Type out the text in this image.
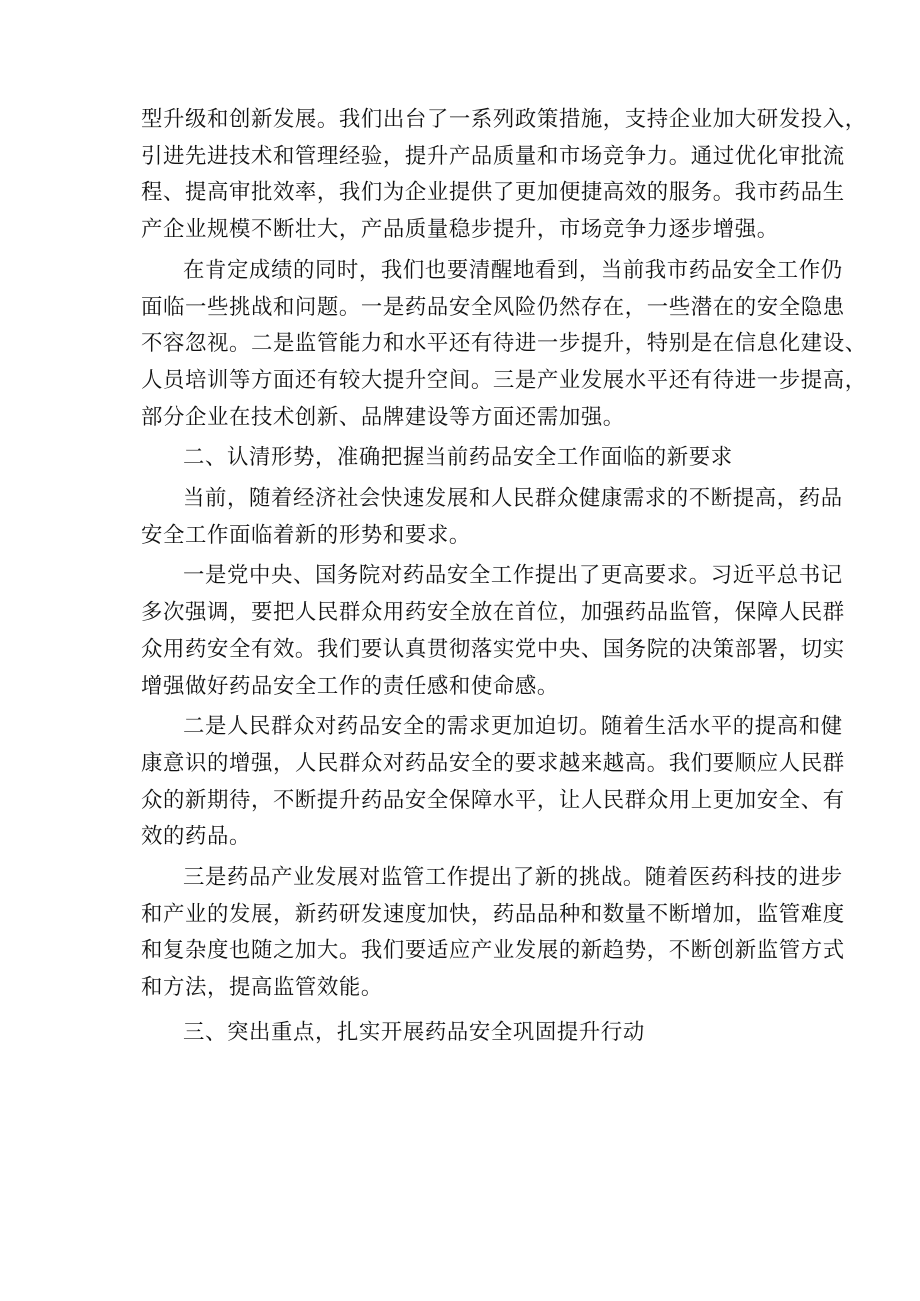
型升级和创新发展。我们出台了一系列政策措施，支持企业加大研发投入，
引进先进技术和管理经验，提升产品质量和市场竞争力。通过优化审批流
程、提高审批效率，我们为企业提供了更加便捷高效的服务。我市药品生
产企业规模不断壮大，产品质量稳步提升，市场竞争力逐步增强。

在肯定成绩的同时，我们也要清醒地看到，当前我市药品安全工作仍
面临一些挑战和问题。一是药品安全风险仍然存在，一些潜在的安全隐患
不容忽视。二是监管能力和水平还有待进一步提升，特别是在信息化建设、
人员培训等方面还有较大提升空间。三是产业发展水平还有待进一步提高，
部分企业在技术创新、品牌建设等方面还需加强。

二、认清形势，准确把握当前药品安全工作面临的新要求

当前，随着经济社会快速发展和人民群众健康需求的不断提高，药品
安全工作面临着新的形势和要求。

一是党中央、国务院对药品安全工作提出了更高要求。习近平总书记
多次强调，要把人民群众用药安全放在首位，加强药品监管，保障人民群
众用药安全有效。我们要认真贯彻落实党中央、国务院的决策部署，切实
增强做好药品安全工作的责任感和使命感。

二是人民群众对药品安全的需求更加迫切。随着生活水平的提高和健
康意识的增强，人民群众对药品安全的要求越来越高。我们要顺应人民群
众的新期待，不断提升药品安全保障水平，让人民群众用上更加安全、有
效的药品。

三是药品产业发展对监管工作提出了新的挑战。随着医药科技的进步
和产业的发展，新药研发速度加快，药品品种和数量不断增加，监管难度
和复杂度也随之加大。我们要适应产业发展的新趋势，不断创新监管方式
和方法，提高监管效能。

三、突出重点，扎实开展药品安全巩固提升行动
